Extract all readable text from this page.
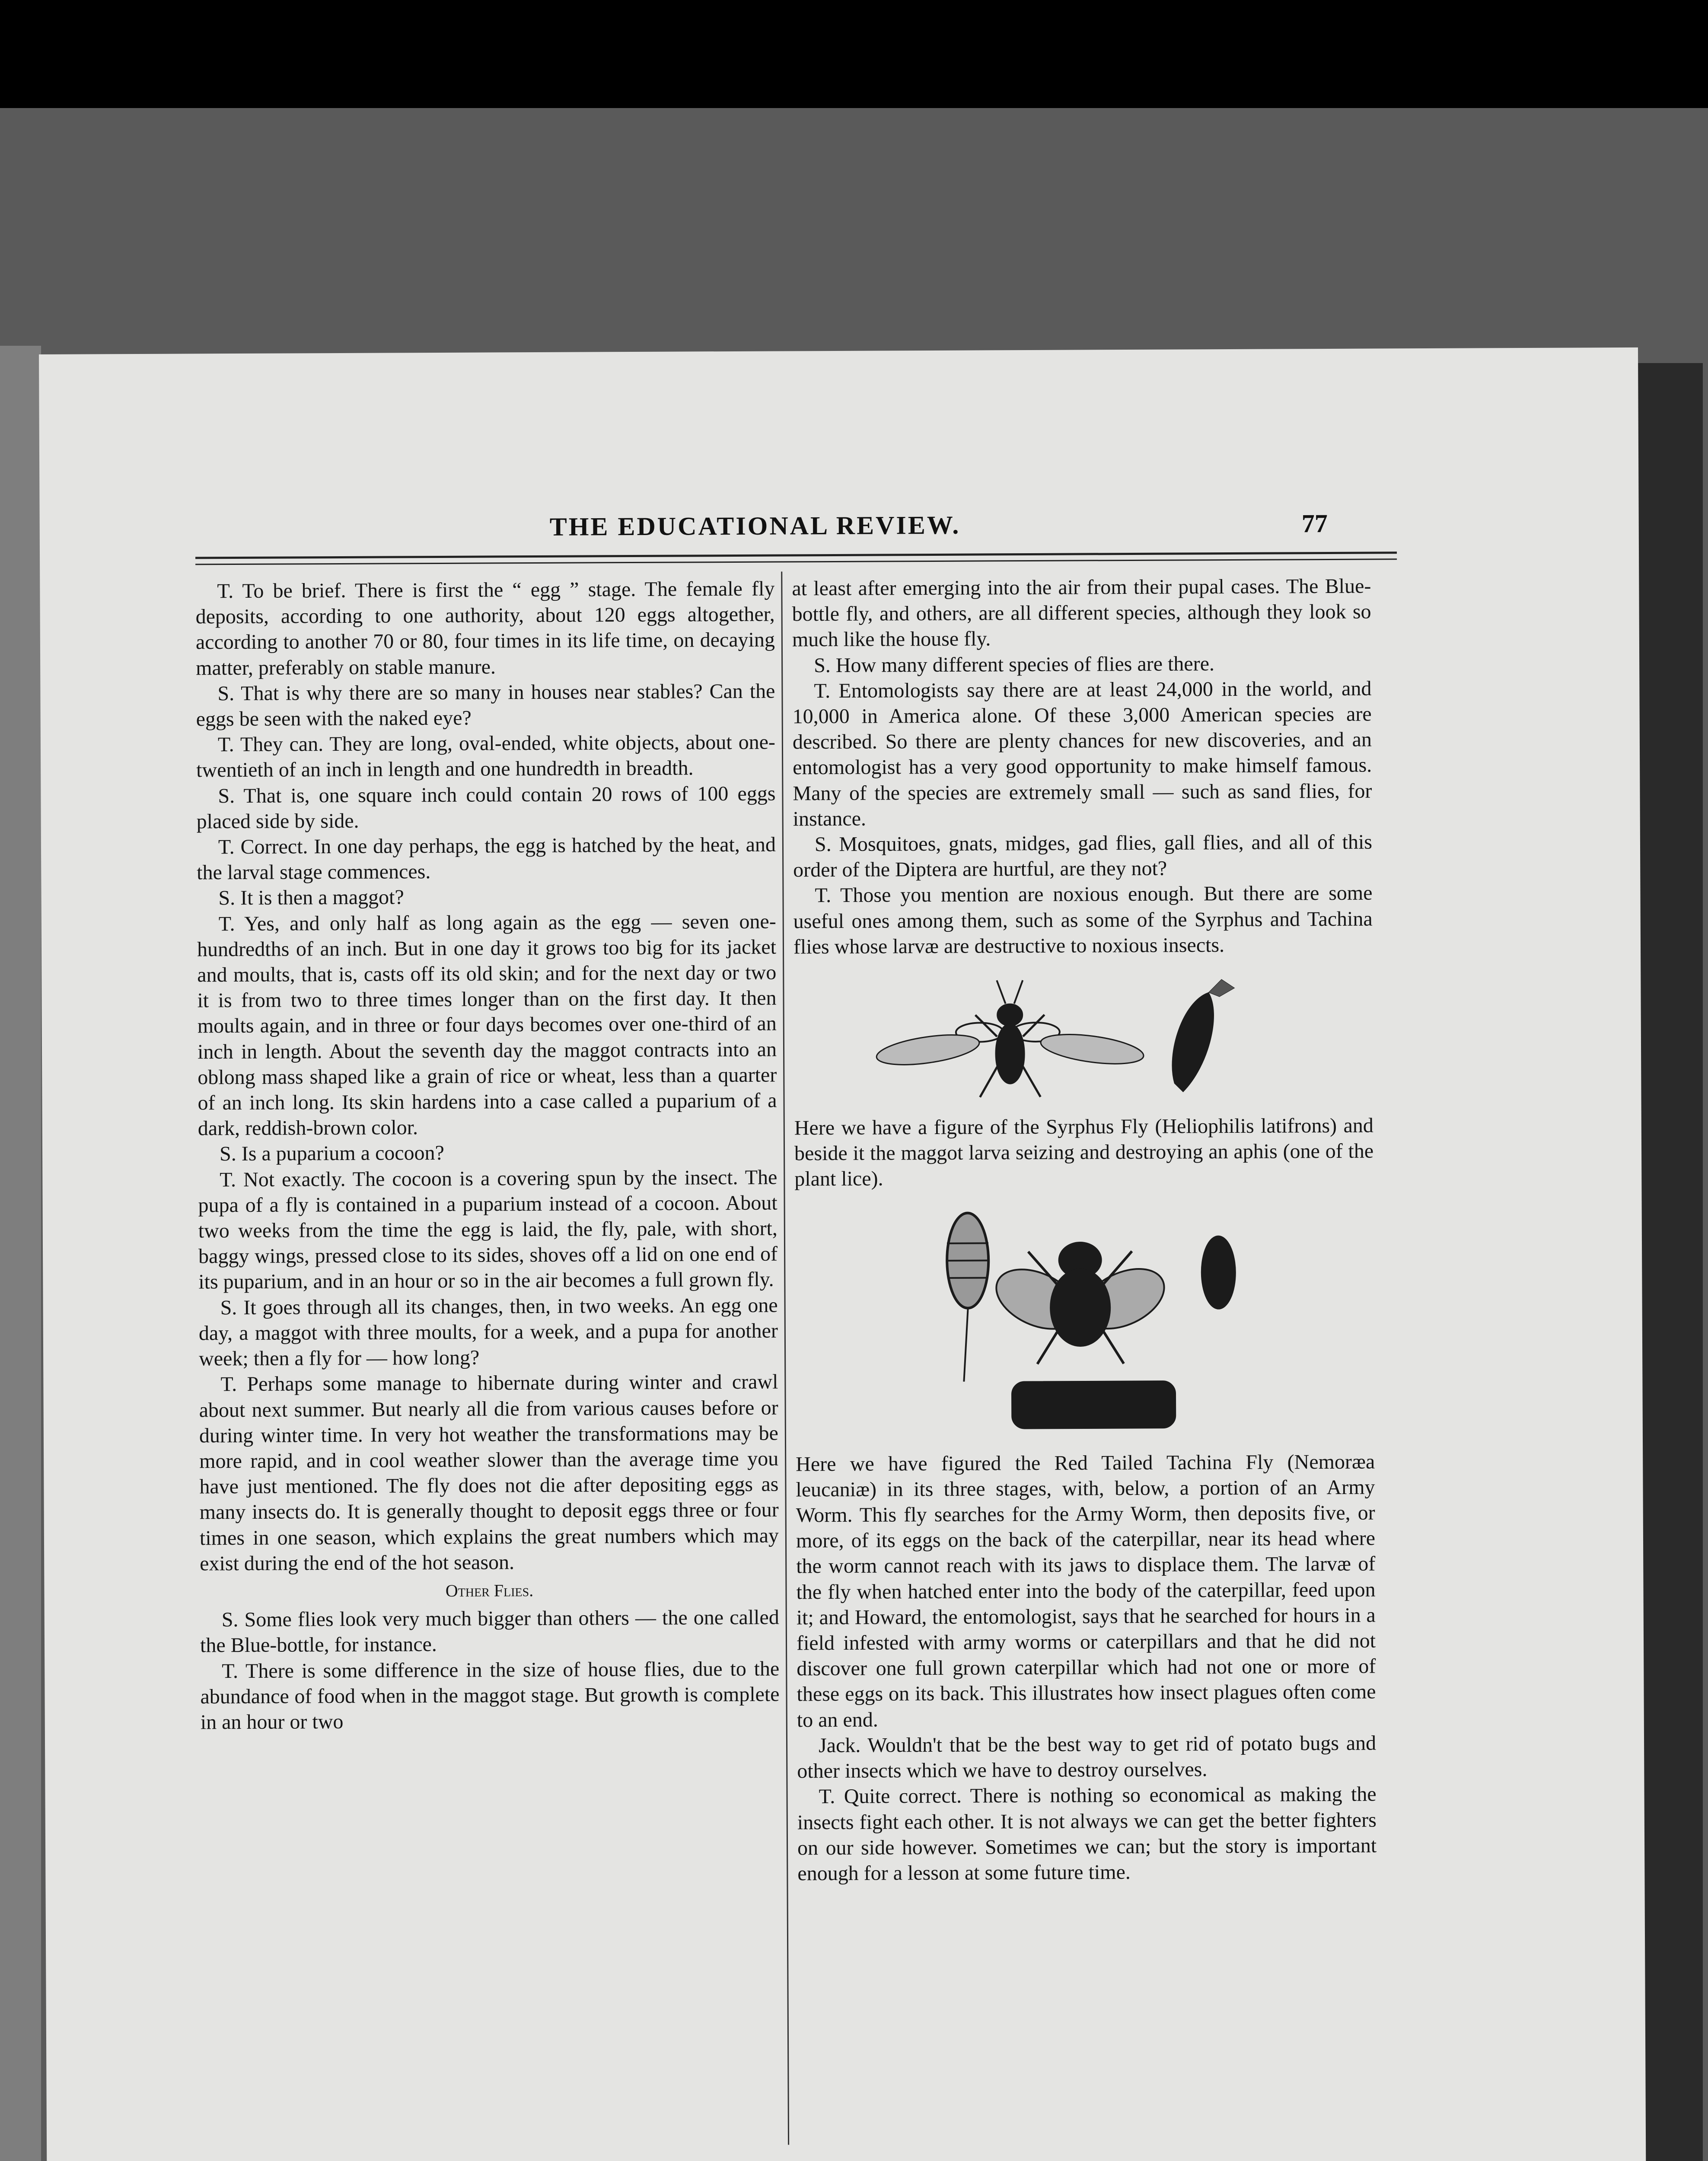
THE EDUCATIONAL REVIEW.	77

T. To be brief. There is first the “ egg ” stage. The female fly deposits, according to one authority, about 120 eggs altogether, according to another 70 or 80, four times in its life time, on decaying matter, preferably on stable manure.

S. That is why there are so many in houses near stables? Can the eggs be seen with the naked eye?

T. They can. They are long, oval-ended, white objects, about one-twentieth of an inch in length and one hundredth in breadth.

S. That is, one square inch could contain 20 rows of 100 eggs placed side by side.

T. Correct. In one day perhaps, the egg is hatched by the heat, and the larval stage commences.

S. It is then a maggot?

T. Yes, and only half as long again as the egg — seven one-hundredths of an inch. But in one day it grows too big for its jacket and moults, that is, casts off its old skin; and for the next day or two it is from two to three times longer than on the first day. It then moults again, and in three or four days becomes over one-third of an inch in length. About the seventh day the maggot contracts into an oblong mass shaped like a grain of rice or wheat, less than a quarter of an inch long. Its skin hardens into a case called a puparium of a dark, reddish-brown color.

S. Is a puparium a cocoon?

T. Not exactly. The cocoon is a covering spun by the insect. The pupa of a fly is contained in a puparium instead of a cocoon. About two weeks from the time the egg is laid, the fly, pale, with short, baggy wings, pressed close to its sides, shoves off a lid on one end of its puparium, and in an hour or so in the air becomes a full grown fly.

S. It goes through all its changes, then, in two weeks. An egg one day, a maggot with three moults, for a week, and a pupa for another week; then a fly for — how long?

T. Perhaps some manage to hibernate during winter and crawl about next summer. But nearly all die from various causes before or during winter time. In very hot weather the transformations may be more rapid, and in cool weather slower than the average time you have just mentioned. The fly does not die after depositing eggs as many insects do. It is generally thought to deposit eggs three or four times in one season, which explains the great numbers which may exist during the end of the hot season.

Other Flies.

S. Some flies look very much bigger than others — the one called the Blue-bottle, for instance.

T. There is some difference in the size of house flies, due to the abundance of food when in the maggot stage. But growth is complete in an hour or two

at least after emerging into the air from their pupal cases. The Blue-bottle fly, and others, are all different species, although they look so much like the house fly.

S. How many different species of flies are there.

T. Entomologists say there are at least 24,000 in the world, and 10,000 in America alone. Of these 3,000 American species are described. So there are plenty chances for new discoveries, and an entomologist has a very good opportunity to make himself famous. Many of the species are extremely small — such as sand flies, for instance.

S. Mosquitoes, gnats, midges, gad flies, gall flies, and all of this order of the Diptera are hurtful, are they not?

T. Those you mention are noxious enough. But there are some useful ones among them, such as some of the Syrphus and Tachina flies whose larvæ are destructive to noxious insects.

Here we have a figure of the Syrphus Fly (Heliophilis latifrons) and beside it the maggot larva seizing and destroying an aphis (one of the plant lice).

Here we have figured the Red Tailed Tachina Fly (Nemoræa leucaniæ) in its three stages, with, below, a portion of an Army Worm. This fly searches for the Army Worm, then deposits five, or more, of its eggs on the back of the caterpillar, near its head where the worm cannot reach with its jaws to displace them. The larvæ of the fly when hatched enter into the body of the caterpillar, feed upon it; and Howard, the entomologist, says that he searched for hours in a field infested with army worms or caterpillars and that he did not discover one full grown caterpillar which had not one or more of these eggs on its back. This illustrates how insect plagues often come to an end.

Jack. Wouldn't that be the best way to get rid of potato bugs and other insects which we have to destroy ourselves.

T. Quite correct. There is nothing so economical as making the insects fight each other. It is not always we can get the better fighters on our side however. Sometimes we can; but the story is important enough for a lesson at some future time.
